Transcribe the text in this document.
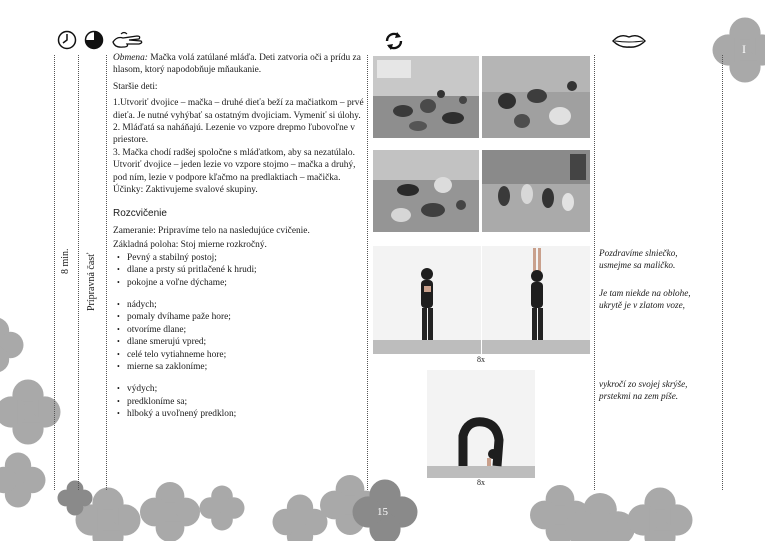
8 min. Prípravná časť

Obmena: Mačka volá zatúlané mláďa. Deti zatvoria oči a prídu za hlasom, ktorý napodobňuje mňaukanie.

Staršie deti:

1.Utvoriť dvojice – mačka – druhé dieťa beží za mačiatkom – prvé dieťa. Je nutné vyhýbať sa ostatným dvojiciam. Vymeniť si úlohy.

2. Mláďatá sa naháňajú. Lezenie vo vzpore drepmo ľubovoľne v priestore.

3. Mačka chodí radšej spoločne s mláďatkom, aby sa nezatúlalo. Utvoriť dvojice – jeden lezie vo vzpore stojmo – mačka a druhý, pod ním, lezie v podpore kľačmo na predlaktiach – mačička.

Účinky: Zaktivujeme svalové skupiny.

Rozcvičenie

Zameranie: Pripravíme telo na nasledujúce cvičenie.

Základná poloha: Stoj mierne rozkročný.

• Pevný a stabilný postoj;
• dlane a prsty sú pritlačené k hrudi;
• pokojne a voľne dýchame;
• nádych;
• pomaly dvíhame paže hore;
• otvoríme dlane;
• dlane smerujú vpred;
• celé telo vytiahneme hore;
• mierne sa zakloníme;
• výdych;
• predkloníme sa;
• hlboký a uvoľnený predklon;
8x
8x
Pozdravíme slniečko,
usmejme sa maličko.
Je tam niekde na oblohe,
ukrytě je v zlatom voze,
vykročí zo svojej skrýše,
prstekmi na zem píše.
15
I
